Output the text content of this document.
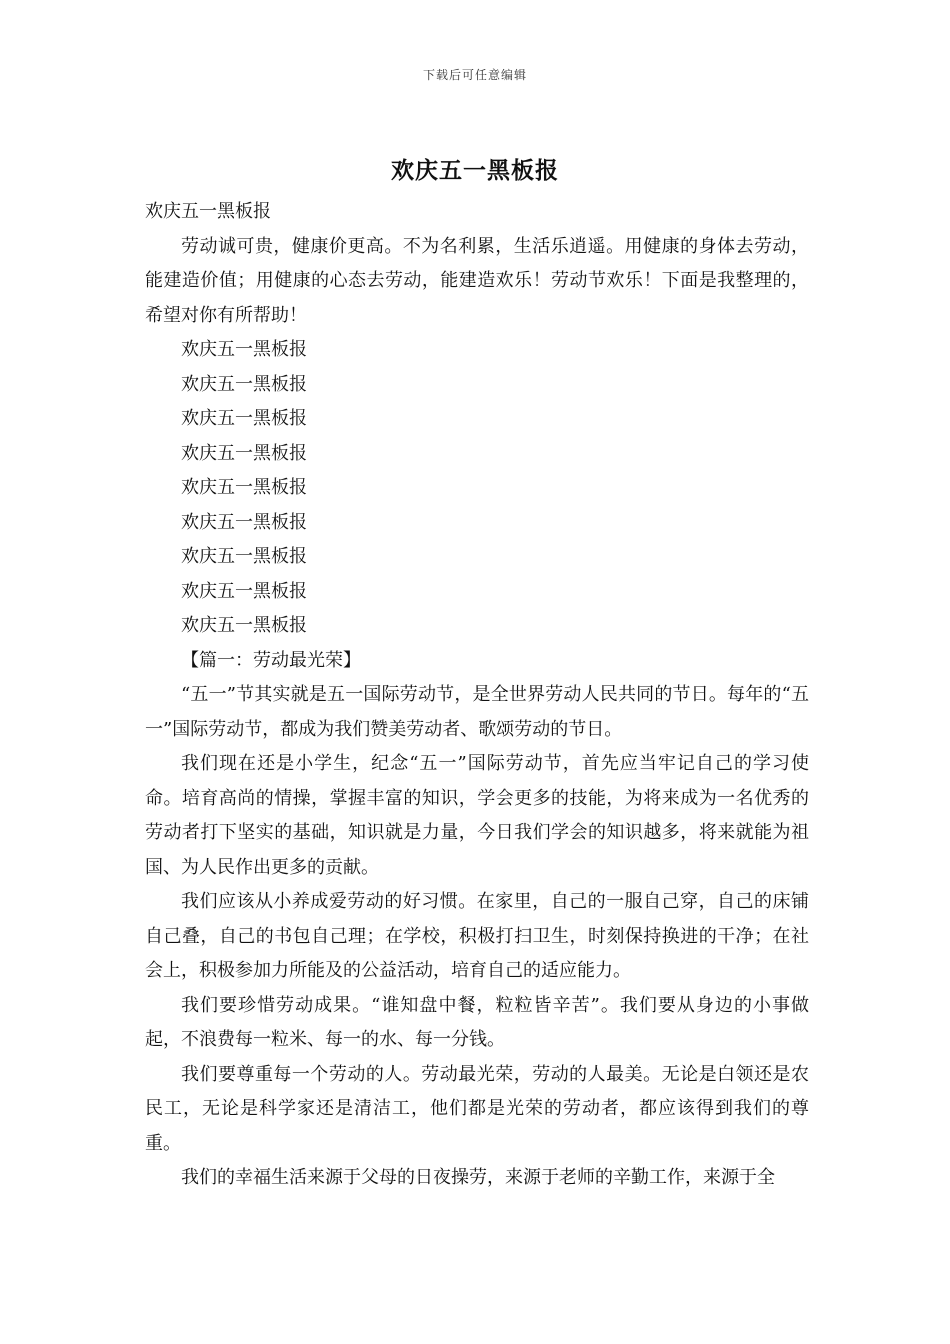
下载后可任意编辑
欢庆五一黑板报

欢庆五一黑板报

劳动诚可贵，健康价更高。不为名利累，生活乐逍遥。用健康的身体去劳动，能建造价值；用健康的心态去劳动，能建造欢乐！劳动节欢乐！下面是我整理的，希望对你有所帮助！

欢庆五一黑板报

欢庆五一黑板报

欢庆五一黑板报

欢庆五一黑板报

欢庆五一黑板报

欢庆五一黑板报

欢庆五一黑板报

欢庆五一黑板报

欢庆五一黑板报

【篇一：劳动最光荣】

“五一”节其实就是五一国际劳动节，是全世界劳动人民共同的节日。每年的“五一”国际劳动节，都成为我们赞美劳动者、歌颂劳动的节日。

我们现在还是小学生，纪念“五一”国际劳动节，首先应当牢记自己的学习使命。培育高尚的情操，掌握丰富的知识，学会更多的技能，为将来成为一名优秀的劳动者打下坚实的基础，知识就是力量，今日我们学会的知识越多，将来就能为祖国、为人民作出更多的贡献。

我们应该从小养成爱劳动的好习惯。在家里，自己的一服自己穿，自己的床铺自己叠，自己的书包自己理；在学校，积极打扫卫生，时刻保持换进的干净；在社会上，积极参加力所能及的公益活动，培育自己的适应能力。

我们要珍惜劳动成果。“谁知盘中餐，粒粒皆辛苦”。我们要从身边的小事做起，不浪费每一粒米、每一的水、每一分钱。

我们要尊重每一个劳动的人。劳动最光荣，劳动的人最美。无论是白领还是农民工，无论是科学家还是清洁工，他们都是光荣的劳动者，都应该得到我们的尊重。

我们的幸福生活来源于父母的日夜操劳，来源于老师的辛勤工作，来源于全
